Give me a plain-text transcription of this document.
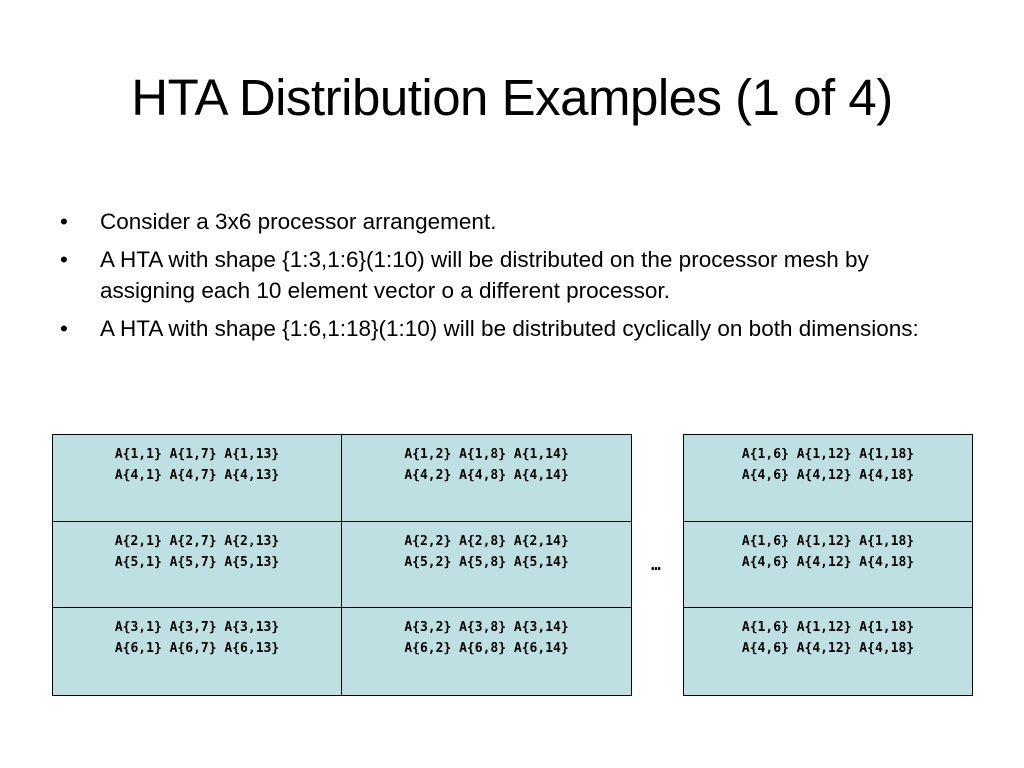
HTA Distribution Examples (1 of 4)
• Consider a 3x6 processor arrangement.
• A HTA with shape {1:3,1:6}(1:10) will be distributed on the processor mesh by assigning each 10 element vector o a different processor.
• A HTA with shape {1:6,1:18}(1:10) will be distributed cyclically on both dimensions:
A{1,1} A{1,7} A{1,13}
A{4,1} A{4,7} A{4,13}
A{1,2} A{1,8} A{1,14}
A{4,2} A{4,8} A{4,14}
A{2,1} A{2,7} A{2,13}
A{5,1} A{5,7} A{5,13}
A{2,2} A{2,8} A{2,14}
A{5,2} A{5,8} A{5,14}
A{3,1} A{3,7} A{3,13}
A{6,1} A{6,7} A{6,13}
A{3,2} A{3,8} A{3,14}
A{6,2} A{6,8} A{6,14}
…
A{1,6} A{1,12} A{1,18}
A{4,6} A{4,12} A{4,18}
A{1,6} A{1,12} A{1,18}
A{4,6} A{4,12} A{4,18}
A{1,6} A{1,12} A{1,18}
A{4,6} A{4,12} A{4,18}
